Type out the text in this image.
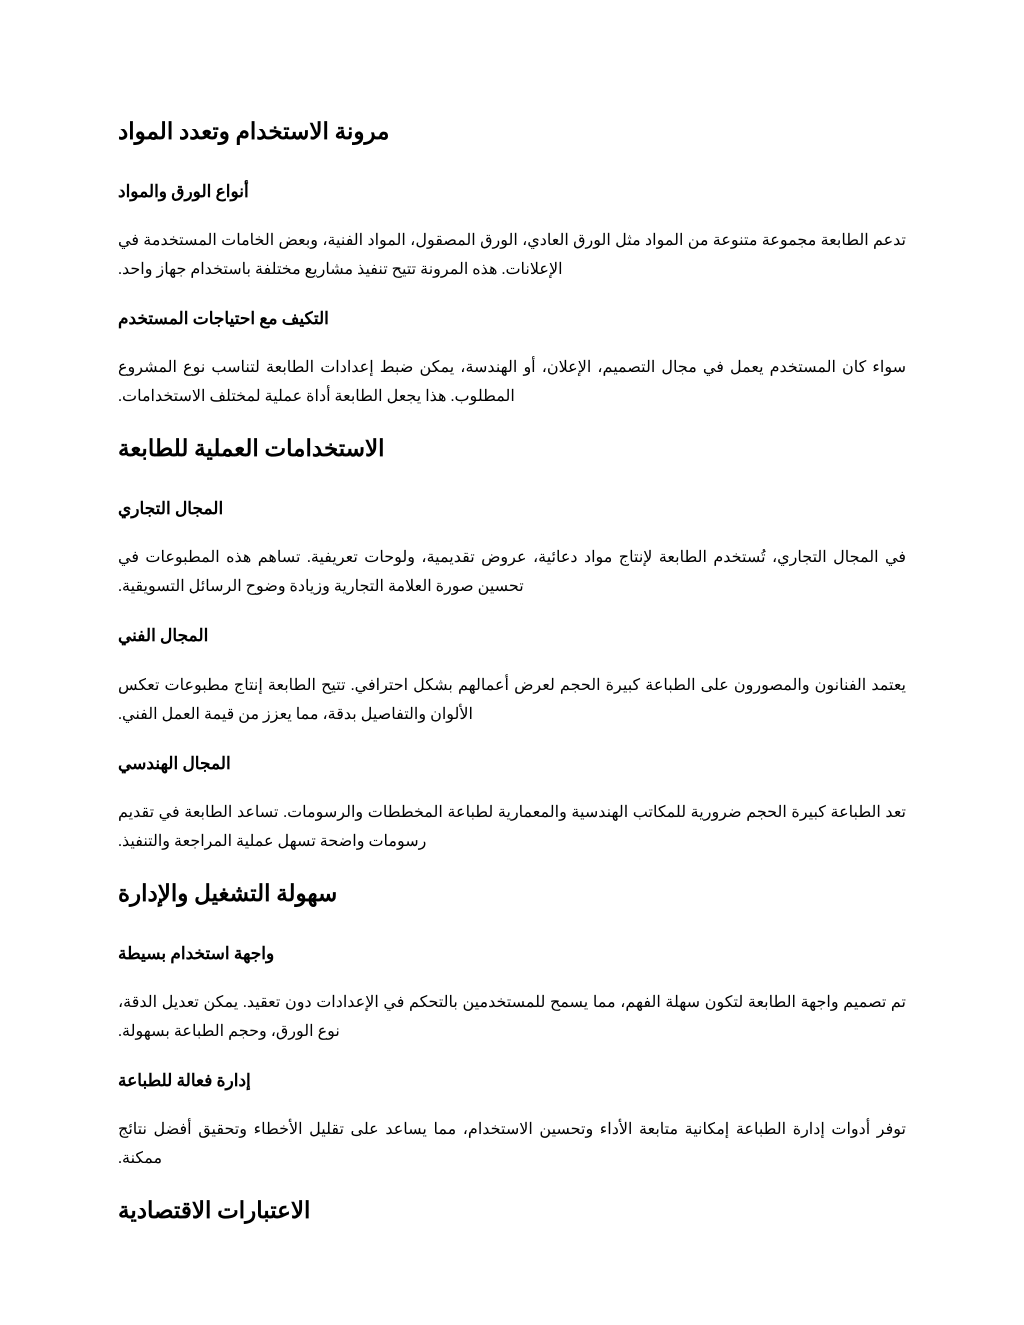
مرونة الاستخدام وتعدد المواد
أنواع الورق والمواد

تدعم الطابعة مجموعة متنوعة من المواد مثل الورق العادي، الورق المصقول، المواد الفنية، وبعض الخامات المستخدمة في الإعلانات. هذه المرونة تتيح تنفيذ مشاريع مختلفة باستخدام جهاز واحد.

التكيف مع احتياجات المستخدم

سواء كان المستخدم يعمل في مجال التصميم، الإعلان، أو الهندسة، يمكن ضبط إعدادات الطابعة لتناسب نوع المشروع المطلوب. هذا يجعل الطابعة أداة عملية لمختلف الاستخدامات.

الاستخدامات العملية للطابعة
المجال التجاري

في المجال التجاري، تُستخدم الطابعة لإنتاج مواد دعائية، عروض تقديمية، ولوحات تعريفية. تساهم هذه المطبوعات في تحسين صورة العلامة التجارية وزيادة وضوح الرسائل التسويقية.

المجال الفني

يعتمد الفنانون والمصورون على الطباعة كبيرة الحجم لعرض أعمالهم بشكل احترافي. تتيح الطابعة إنتاج مطبوعات تعكس الألوان والتفاصيل بدقة، مما يعزز من قيمة العمل الفني.

المجال الهندسي

تعد الطباعة كبيرة الحجم ضرورية للمكاتب الهندسية والمعمارية لطباعة المخططات والرسومات. تساعد الطابعة في تقديم رسومات واضحة تسهل عملية المراجعة والتنفيذ.

سهولة التشغيل والإدارة
واجهة استخدام بسيطة

تم تصميم واجهة الطابعة لتكون سهلة الفهم، مما يسمح للمستخدمين بالتحكم في الإعدادات دون تعقيد. يمكن تعديل الدقة، نوع الورق، وحجم الطباعة بسهولة.

إدارة فعالة للطباعة

توفر أدوات إدارة الطباعة إمكانية متابعة الأداء وتحسين الاستخدام، مما يساعد على تقليل الأخطاء وتحقيق أفضل نتائج ممكنة.

الاعتبارات الاقتصادية
